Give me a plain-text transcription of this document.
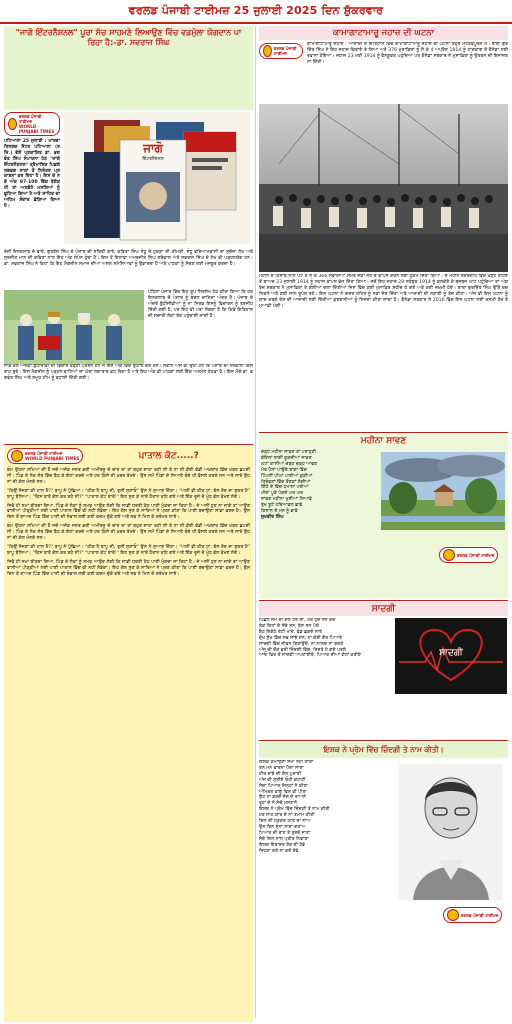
ਵਰਲਡ ਪੰਜਾਬੀ ਟਾਈਮਜ਼ 25 ਜੁਲਾਈ 2025 ਦਿਨ ਸ਼ੁੱਕਰਵਾਰ
"ਜਾਗੋ ਇੰਟਰਨੈਸ਼ਨਲ" ਪੂਰਾ ਸੱਚ ਸਾਹਮਣੇ ਲਿਆਉਣ ਵਿੱਚ ਵਡਮੁੱਲਾ ਯੋਗਦਾਨ ਪਾ ਰਿਹਾ ਹੈ:-ਡਾ. ਸਵਰਾਜ ਸਿੰਘ
ਵਰਲਡ ਪੰਜਾਬੀ ਟਾਈਮਜ਼
WORLD PUNJABI TIMES
ਪਟਿਆਲਾ 25 ਜੁਲਾਈ : ਮਾਲਵਾ ਰਿਸਰਚ ਸੈਂਟਰ ਪਟਿਆਲਾ (ਰਜਿ.) ਵੱਲੋਂ ਪ੍ਰਕਾਸ਼ਿਤ ਡਾ. ਭਗਵੰਤ ਸਿੰਘ ਸੰਪਾਦਨਾ ਹੇਠ "ਜਾਗੋ ਇੰਟਰਨੈਸ਼ਨਲ" ਤ੍ਰੈਮਾਸਿਕ ਪਿਛਲੇ ਲਗਭਗ ਸਾਲਾਂ ਤੋਂ ਨਿਰੰਤਰ ਪ੍ਰਕਾਸ਼ਨਾ ਕਰ ਰਿਹਾ ਹੈ। ਇਸ ਦੇ ਨਵੇਂ ਅੰਕ 97-100 ਵਿੱਚ ਬੇਸ਼ੱਕ ਹੀ ਤਾਂ ਅਣਛੋਹੇ ਮਸਲਿਆਂ ਨੂੰ ਛੂਹਿਆ ਗਿਆ ਹੈ ਅਤੇ ਸਾਹਿਤ ਦਾ ਅਹਿਮ ਸੰਵਾਦ ਛੇੜਿਆ ਗਿਆ ਹੈ।
ਜਾਗੋ
ਇੰਟਰਨੈਸ਼ਨਲ
ਰੋਜ਼ੀ ਇਨਕਲਾਬ ਦੇ ਵਾਰੇ, ਗੁਰਤੇਜ ਸਿੰਘ ਦੇ ਪੰਜਾਬ ਦੀ ਸਥਿਤੀ ਬਾਰੇ, ਕਵਿਤਾ ਸਿੰਘ ਸੰਧੂ ਦੇ ਟੁਕੜਾ ਦੀ ਕੀਮਤੀ, ਸੰਧੂ ਵਰਿਆਮਵਾਲੀ ਦਾ ਸੁਚੱਜਾ ਲੇਖ ਅਤੇ ਸੁਰਜੀਤ ਮਾਨ ਦੀ ਕਵਿਤਾ ਨਾਲ ਇਹ ਅੰਕ ਸੰਪੰਨ ਹੁੰਦਾ ਹੈ। ਇਸ ਤੋਂ ਇਲਾਵਾ ਅਮਰਜੀਤ ਸਿੰਘ ਗਰੇਵਾਲ ਅਤੇ ਸਵਰਾਜ ਸਿੰਘ ਦੇ ਲੇਖ ਵੀ ਪੜ੍ਹਨਯੋਗ ਹਨ। ਡਾ. ਸਵਰਾਜ ਸਿੰਘ ਨੇ ਕਿਹਾ ਕਿ ਇਹ ਮੈਗਜ਼ੀਨ ਸਮਾਜ ਦੀਆਂ ਅਸਲ ਸਮੱਸਿਆਵਾਂ ਨੂੰ ਉਭਾਰਦਾ ਹੈ ਅਤੇ ਪਾਠਕਾਂ ਨੂੰ ਸੋਚਣ ਲਈ ਮਜਬੂਰ ਕਰਦਾ ਹੈ।
ਪਹਿਲਾ ਪੰਜਾਬ ਵਿੱਚ ਇਹ ਰੂਪ ਸਿਰਲੇਖ ਹੇਠ ਕੀਤਾ ਗਿਆ ਕਿ ਹਰ ਇਨਕਲਾਬ ਦੇ ਪੰਜਾਬ ਨੂੰ ਬਦਲ ਚਾਹਿਦਾ ਅੰਦਰ ਹੈ। ਪੰਜਾਬ ਦੇ ਅੰਦਰੋਂ ਬੁੱਧੀਜੀਵੀਆਂ ਨੂੰ ਨਾ ਸਿਰਫ ਇਸਨੂੰ ਵਿਚਾਰਨ ਨੂੰ ਤਰਜੀਹ ਦਿੱਤੀ ਗਈ ਹੈ, ਪਰ ਇਹ ਵੀ ਪਤਾ ਲੱਗਦਾ ਹੈ ਕਿ ਕਿਵੇਂ ਇਤਿਹਾਸ ਦੀ ਸਚਾਈ ਲੋਕਾਂ ਤੱਕ ਪਹੁੰਚਾਈ ਜਾਂਦੀ ਹੈ।
ਸਾਡੇ ਵਲੋਂ ਅਜੋਕੀ ਬੁੱਧੀਜੀਵੀ ਦੀ ਵਿਚਾਰ ਬੜ੍ਹੀ ਪ੍ਰਸ਼ਨ ਹਨ ਜੋ ਇਸ ਅੰਕ ਵਿੱਚ ਉਠਾਏ ਗਏ ਹਨ। ਸਵਾਲ ਅੱਜ ਵੀ ਉਹੀ ਹਨ ਕਿ ਪੰਜਾਬ ਦੀ ਨੌਜਵਾਨੀ ਕਿਸ ਰਾਹ ਤੁਰੇ। ਇਸ ਮੈਗਜ਼ੀਨ ਨੂੰ ਪੜ੍ਹਨ ਵਾਲਿਆਂ ਦਾ ਘੇਰਾ ਲਗਾਤਾਰ ਵਧ ਰਿਹਾ ਹੈ ਅਤੇ ਇਹ ਅੰਕ ਵੀ ਪਾਠਕਾਂ ਲਈ ਇੱਕ ਅਨਮੋਲ ਤੋਹਫ਼ਾ ਹੈ। ਇਸ ਮੌਕੇ ਡਾ. ਭਗਵੰਤ ਸਿੰਘ ਅਤੇ ਸਮੂਹ ਟੀਮ ਨੂੰ ਵਧਾਈ ਦਿੱਤੀ ਗਈ।
ਵਰਲਡ ਪੰਜਾਬੀ ਟਾਈਮਜ਼
WORLD PUNJABI TIMES	ਪਾਤਾਲ ਕੋਟ.....?

ਕੰਮ ਉਹਨਾ ਸਮਿਆਂ ਦੀ ਹੈ ਜਦੋਂ ਅਜੋਕ ਜਨਤ ਭਰੀ ਅਮੀਰਜ਼ੂ ਦੇ ਚਾਰ ਰਾ ਤਾਂ ਬਹੁਤ ਸਾਰਾ ਰਹੀ ਸੀ ਤੇ ਨਾ ਸੀ ਕੋਈ ਵੱਡੀ ਅਖ਼ਬਾਰ ਵਿੱਚ ਖ਼ਬਰ ਛਪਦੀ ਸੀ। ਪਿੰਡ ਦੇ ਲੋਕ ਸੱਥ ਵਿੱਚ ਬੈਠ ਕੇ ਗੱਲਾਂ ਕਰਦੇ ਅਤੇ ਹਰ ਕਿਸੇ ਦੀ ਖ਼ਬਰ ਰੱਖਦੇ। ਉਸ ਸਮੇਂ ਪਿੰਡਾਂ ਦੇ ਸਿਆਣੇ ਬੰਦੇ ਹੀ ਫ਼ੈਸਲੇ ਕਰਦੇ ਸਨ ਅਤੇ ਸਾਰੇ ਉਹਨਾਂ ਦੀ ਗੱਲ ਮੰਨਦੇ ਸਨ।

"ਕਿਉਂ ਸੱਜਣਾ ਕੀ ਹਾਲ ਹੈ?" ਬਾਪੂ ਨੇ ਪੁੱਛਿਆ। "ਠੀਕ ਹੈ ਬਾਪੂ ਜੀ, ਤੁਸੀਂ ਸੁਣਾਓ" ਉਸ ਨੇ ਜੁਆਬ ਦਿੱਤਾ। "ਅਸੀਂ ਵੀ ਠੀਕ ਹਾਂ, ਬੱਸ ਰੱਬ ਦਾ ਸ਼ੁਕਰ ਹੈ" ਬਾਪੂ ਬੋਲਿਆ। "ਕਿਸ ਬਾਰੇ ਗੱਲ ਕਰ ਰਹੇ ਸੀ?" "ਪਾਤਾਲ ਕੋਟ ਬਾਰੇ!" ਇਹ ਸੁਣ ਕੇ ਸਾਰੇ ਹੈਰਾਨ ਰਹਿ ਗਏ ਅਤੇ ਇੱਕ ਦੂਜੇ ਦੇ ਮੂੰਹ ਵੱਲ ਵੇਖਣ ਲੱਗੇ।

ਜਿਵੇਂ ਹੀ ਸਮਾਂ ਬੀਤਦਾ ਗਿਆ, ਪਿੰਡ ਦੇ ਲੋਕਾਂ ਨੂੰ ਸਮਝ ਆਉਣ ਲੱਗੀ ਕਿ ਸਾਡੀ ਧਰਤੀ ਹੇਠ ਪਾਣੀ ਮੁੱਕਦਾ ਜਾ ਰਿਹਾ ਹੈ। ਜੇ ਅਸੀਂ ਹੁਣ ਨਾ ਜਾਗੇ ਤਾਂ ਆਉਣ ਵਾਲੀਆਂ ਪੀੜ੍ਹੀਆਂ ਲਈ ਪਾਣੀ ਪਾਤਾਲ ਵਿੱਚ ਵੀ ਨਹੀਂ ਲੱਭੇਗਾ। ਇਹ ਗੱਲ ਸੁਣ ਕੇ ਸਾਰਿਆਂ ਨੇ ਪ੍ਰਣ ਕੀਤਾ ਕਿ ਪਾਣੀ ਬਚਾਉਣਾ ਸਾਡਾ ਫਰਜ਼ ਹੈ। ਉਸ ਦਿਨ ਤੋਂ ਬਾਅਦ ਪਿੰਡ ਵਿੱਚ ਪਾਣੀ ਦੀ ਸੰਭਾਲ ਲਈ ਕਈ ਕਦਮ ਚੁੱਕੇ ਗਏ ਅਤੇ ਸਭ ਨੇ ਮਿਲ ਕੇ ਦਰੱਖਤ ਲਾਏ।

ਕੰਮ ਉਹਨਾ ਸਮਿਆਂ ਦੀ ਹੈ ਜਦੋਂ ਅਜੋਕ ਜਨਤ ਭਰੀ ਅਮੀਰਜ਼ੂ ਦੇ ਚਾਰ ਰਾ ਤਾਂ ਬਹੁਤ ਸਾਰਾ ਰਹੀ ਸੀ ਤੇ ਨਾ ਸੀ ਕੋਈ ਵੱਡੀ ਅਖ਼ਬਾਰ ਵਿੱਚ ਖ਼ਬਰ ਛਪਦੀ ਸੀ। ਪਿੰਡ ਦੇ ਲੋਕ ਸੱਥ ਵਿੱਚ ਬੈਠ ਕੇ ਗੱਲਾਂ ਕਰਦੇ ਅਤੇ ਹਰ ਕਿਸੇ ਦੀ ਖ਼ਬਰ ਰੱਖਦੇ। ਉਸ ਸਮੇਂ ਪਿੰਡਾਂ ਦੇ ਸਿਆਣੇ ਬੰਦੇ ਹੀ ਫ਼ੈਸਲੇ ਕਰਦੇ ਸਨ ਅਤੇ ਸਾਰੇ ਉਹਨਾਂ ਦੀ ਗੱਲ ਮੰਨਦੇ ਸਨ।

"ਕਿਉਂ ਸੱਜਣਾ ਕੀ ਹਾਲ ਹੈ?" ਬਾਪੂ ਨੇ ਪੁੱਛਿਆ। "ਠੀਕ ਹੈ ਬਾਪੂ ਜੀ, ਤੁਸੀਂ ਸੁਣਾਓ" ਉਸ ਨੇ ਜੁਆਬ ਦਿੱਤਾ। "ਅਸੀਂ ਵੀ ਠੀਕ ਹਾਂ, ਬੱਸ ਰੱਬ ਦਾ ਸ਼ੁਕਰ ਹੈ" ਬਾਪੂ ਬੋਲਿਆ। "ਕਿਸ ਬਾਰੇ ਗੱਲ ਕਰ ਰਹੇ ਸੀ?" "ਪਾਤਾਲ ਕੋਟ ਬਾਰੇ!" ਇਹ ਸੁਣ ਕੇ ਸਾਰੇ ਹੈਰਾਨ ਰਹਿ ਗਏ ਅਤੇ ਇੱਕ ਦੂਜੇ ਦੇ ਮੂੰਹ ਵੱਲ ਵੇਖਣ ਲੱਗੇ।

ਜਿਵੇਂ ਹੀ ਸਮਾਂ ਬੀਤਦਾ ਗਿਆ, ਪਿੰਡ ਦੇ ਲੋਕਾਂ ਨੂੰ ਸਮਝ ਆਉਣ ਲੱਗੀ ਕਿ ਸਾਡੀ ਧਰਤੀ ਹੇਠ ਪਾਣੀ ਮੁੱਕਦਾ ਜਾ ਰਿਹਾ ਹੈ। ਜੇ ਅਸੀਂ ਹੁਣ ਨਾ ਜਾਗੇ ਤਾਂ ਆਉਣ ਵਾਲੀਆਂ ਪੀੜ੍ਹੀਆਂ ਲਈ ਪਾਣੀ ਪਾਤਾਲ ਵਿੱਚ ਵੀ ਨਹੀਂ ਲੱਭੇਗਾ। ਇਹ ਗੱਲ ਸੁਣ ਕੇ ਸਾਰਿਆਂ ਨੇ ਪ੍ਰਣ ਕੀਤਾ ਕਿ ਪਾਣੀ ਬਚਾਉਣਾ ਸਾਡਾ ਫਰਜ਼ ਹੈ। ਉਸ ਦਿਨ ਤੋਂ ਬਾਅਦ ਪਿੰਡ ਵਿੱਚ ਪਾਣੀ ਦੀ ਸੰਭਾਲ ਲਈ ਕਈ ਕਦਮ ਚੁੱਕੇ ਗਏ ਅਤੇ ਸਭ ਨੇ ਮਿਲ ਕੇ ਦਰੱਖਤ ਲਾਏ।

ਕਾਮਾਗਾਟਾਮਾਰੂ ਜਹਾਜ਼ ਦੀ ਘਟਨਾ
ਵਰਲਡ ਪੰਜਾਬੀ ਟਾਈਮਜ਼
ਕਾਮਾਗਾਟਾਮਾਰੂ ਜਹਾਜ਼ : ਆਜ਼ਾਦੀ ਦੇ ਇਤਿਹਾਸ ਵਿੱਚ ਕਾਮਾਗਾਟਾਮਾਰੂ ਜਹਾਜ਼ ਦੀ ਘਟਨਾ ਬਹੁਤ ਮਹੱਤਵਪੂਰਨ ਹੈ। ਬਾਬਾ ਗੁਰਦਿੱਤ ਸਿੰਘ ਨੇ ਇਹ ਜਹਾਜ਼ ਕਿਰਾਏ ਤੇ ਲਿਆ ਅਤੇ 376 ਮੁਸਾਫ਼ਿਰਾਂ ਨੂੰ ਲੈ ਕੇ 4 ਅਪ੍ਰੈਲ 1914 ਨੂੰ ਹਾਂਗਕਾਂਗ ਤੋਂ ਕੈਨੇਡਾ ਲਈ ਰਵਾਨਾ ਹੋਇਆ। ਜਹਾਜ਼ 23 ਮਈ 1914 ਨੂੰ ਵੈਨਕੂਵਰ ਪਹੁੰਚਿਆ ਪਰ ਕੈਨੇਡਾ ਸਰਕਾਰ ਨੇ ਮੁਸਾਫ਼ਿਰਾਂ ਨੂੰ ਉਤਰਨ ਦੀ ਇਜਾਜ਼ਤ ਨਾ ਦਿੱਤੀ।
ਮਹੀਨੇ ਦੇ ਹਿਸਾਬ ਨਾਲ ਪਟੇ ਤੇ ਲੈ ਕੇ 366 ਸਵਾਰੀਆਂ ਸਮੇਤ ਜੋਕਾ ਜੋਹ ਦੇ ਵਾਪਸ ਕਰਨ ਲਈ ਹੁਕਮ ਦਿੱਤਾ ਗਿਆ। ਦੋ ਮਹੀਨੇ ਬੰਦਰਗਾਹ ਵਿੱਚ ਖੜ੍ਹੇ ਰਹਿਣ ਤੋਂ ਬਾਅਦ 23 ਜੁਲਾਈ 1914 ਨੂੰ ਜਹਾਜ਼ ਵਾਪਸ ਭੇਜ ਦਿੱਤਾ ਗਿਆ। ਜਦੋਂ ਇਹ ਜਹਾਜ਼ 29 ਸਤੰਬਰ 1914 ਨੂੰ ਕਲਕੱਤੇ ਦੇ ਬਜਬਜ ਘਾਟ ਪਹੁੰਚਿਆ ਤਾਂ ਅੰਗਰੇਜ਼ ਸਰਕਾਰ ਨੇ ਮੁਸਾਫ਼ਿਰਾਂ ਤੇ ਗੋਲੀਆਂ ਚਲਾ ਦਿੱਤੀਆਂ ਜਿਸ ਵਿੱਚ ਕਈ ਮੁਸਾਫ਼ਿਰ ਸ਼ਹੀਦ ਹੋ ਗਏ ਅਤੇ ਕਈ ਜ਼ਖ਼ਮੀ ਹੋਏ। ਬਾਬਾ ਗੁਰਦਿੱਤ ਸਿੰਘ ਉੱਥੋਂ ਬਚ ਨਿਕਲੇ ਅਤੇ ਕਈ ਸਾਲ ਰੂਪੋਸ਼ ਰਹੇ। ਇਸ ਘਟਨਾ ਨੇ ਗ਼ਦਰ ਲਹਿਰ ਨੂੰ ਨਵਾਂ ਜੋਸ਼ ਦਿੱਤਾ ਅਤੇ ਆਜ਼ਾਦੀ ਦੀ ਲੜਾਈ ਨੂੰ ਤੇਜ਼ ਕੀਤਾ। ਅੱਜ ਵੀ ਇਸ ਘਟਨਾ ਨੂੰ ਯਾਦ ਕਰਕੇ ਦੇਸ਼ ਦੀ ਆਜ਼ਾਦੀ ਲਈ ਦਿੱਤੀਆਂ ਕੁਰਬਾਨੀਆਂ ਨੂੰ ਸਿਜਦਾ ਕੀਤਾ ਜਾਂਦਾ ਹੈ। ਕੈਨੇਡਾ ਸਰਕਾਰ ਨੇ 2016 ਵਿੱਚ ਇਸ ਘਟਨਾ ਲਈ ਰਸਮੀ ਤੌਰ ਤੇ ਮੁਆਫ਼ੀ ਮੰਗੀ।
ਮਹੀਨਾ ਸਾਵਣ
ਚੜ੍ਹ ਮਹੀਨਾ ਸਾਵਣ ਤਾਂ ਪਰਾਹੁਣੀ
ਕੋਇਲਾਂ ਬਾਗੀਂ ਕੂਕਦੀਆਂ ਜਾਵਣ
ਘਟਾਂ ਕਾਲੀਆਂ ਚੜ੍ਹ ਚੜ੍ਹ ਆਵਣ
ਮੋਰ ਪੈਲਾਂ ਪਾਉਂਦੇ ਬਾਗਾਂ ਵਿੱਚ
ਪਿੱਪਲੀਂ ਪੀਂਘਾਂ ਪਾਈਆਂ ਕੁੜੀਆਂ
ਤ੍ਰਿੰਞਣਾਂ ਵਿੱਚ ਰੌਣਕਾਂ ਲੱਗੀਆਂ
ਗਿੱਧੇ ਦੇ ਵਿੱਚ ਧਮਾਲਾਂ ਪਈਆਂ
ਖੀਰਾਂ ਪੂੜੇ ਪੱਕਦੇ ਘਰ ਘਰ
ਸਾਵਣ ਮਹੀਨਾ ਖੁਸ਼ੀਆਂ ਲਿਆਵੇ
ਰੁੱਖ ਬੂਟੇ ਹਰਿਆਵਲ ਛਾਵੇ
ਕਿਸਾਨ ਦੇ ਮਨ ਨੂੰ ਭਾਵੇ
ਸੁਖਵੀਰ ਸਿੰਘ
ਵਰਲਡ ਪੰਜਾਬੀ ਟਾਈਮਜ਼
ਸਾਦਗੀ
ਪਿਛਲੇ ਸਮੇਂ ਦੀ ਗੱਲ ਹੋਰ ਸੀ, ਘਰ ਹੁੰਦੇ ਸਨ ਕੱਚੇ
ਲੋਕ ਦਿਲਾਂ ਦੇ ਸੱਚੇ ਸਨ, ਬੋਲ ਸਨ ਪੱਕੇ
ਬੈਠ ਇਕੱਠੇ ਰੋਟੀ ਖਾਂਦੇ, ਵੰਡ ਛਕਦੇ ਸਾਰੇ
ਦੁੱਖ ਸੁੱਖ ਵਿੱਚ ਸਭ ਸਾਂਝੇ ਸਨ, ਨਾ ਕੋਈ ਗੈਰ ਪਿਆਰੇ
ਸਾਦਗੀ ਵਿੱਚ ਜੀਵਨ ਬਿਤਾਉਂਦੇ, ਨਾ ਲਾਲਚ ਨਾ ਝਗੜੇ
ਅੱਜ ਦੀ ਦੌੜ ਭਰੀ ਜ਼ਿੰਦਗੀ ਵਿੱਚ, ਰਿਸ਼ਤੇ ਹੋ ਗਏ ਪਤਲੇ
ਆਓ ਫਿਰ ਤੋਂ ਸਾਦਗੀ ਅਪਣਾਈਏ, ਪਿਆਰ ਦੀਆਂ ਗੱਲਾਂ ਕਰੀਏ	ਸਾਦਗੀ
ਇਸ਼ਕ ਨੇ ਪ੍ਰੇਮ ਵਿੱਚ ਜ਼ਿੰਦਗੀ ਤੇ ਨਾਮ ਕੀਤੀ।
ਇਸ਼ਕ ਕਮਾਉਣਾ ਸੌਖਾ ਨਹੀਂ ਯਾਰਾ
ਤਨ ਮਨ ਵਾਰਨਾ ਪੈਂਦਾ ਸਾਰਾ
ਹੀਰ ਰਾਂਝੇ ਦੀ ਗੱਲ ਪੁਰਾਣੀ
ਅੱਜ ਵੀ ਸੁਣੀਏ ਓਹੀ ਕਹਾਣੀ
ਸੱਚਾ ਪਿਆਰ ਜਿਨ੍ਹਾਂ ਨੇ ਕੀਤਾ
ਅੰਮ੍ਰਿਤ ਵਾਂਗੂੰ ਵਿਸ਼ ਵੀ ਪੀਤਾ
ਉਹ ਨਾ ਡਰਦੇ ਜੱਗ ਦੇ ਤਾਅਨੇ
ਰੂਹਾਂ ਦੇ ਨੇ ਸੱਚੇ ਮਸਤਾਨੇ
ਇਸ਼ਕ ਨੇ ਪ੍ਰੇਮ ਵਿੱਚ ਜ਼ਿੰਦਗੀ ਤੇ ਨਾਮ ਕੀਤੀ
ਹਰ ਸਾਹ ਯਾਰ ਦੇ ਨਾਂ ਤਮਾਮ ਕੀਤੀ
ਦਿਲ ਦੀ ਧੜਕਣ ਯਾਰ ਦਾ ਨਾਂਅ
ਉਸ ਬਿਨ ਸੁੰਨਾ ਸਾਰਾ ਗਰਾਂਅ
ਪਿਆਰ ਦੀ ਰਾਹ ਤੇ ਤੁਰਦੇ ਜਾਣਾ
ਸੱਚੇ ਦਿਲ ਨਾਲ ਪ੍ਰੀਤ ਨਿਭਾਣਾ
ਇਸ਼ਕ ਇਬਾਦਤ ਰੱਬ ਦੀ ਹੋਵੇ
ਜਿਹੜਾ ਕਰੇ ਨਾ ਕਦੇ ਰੋਵੇ
ਵਰਲਡ ਪੰਜਾਬੀ ਟਾਈਮਜ਼
